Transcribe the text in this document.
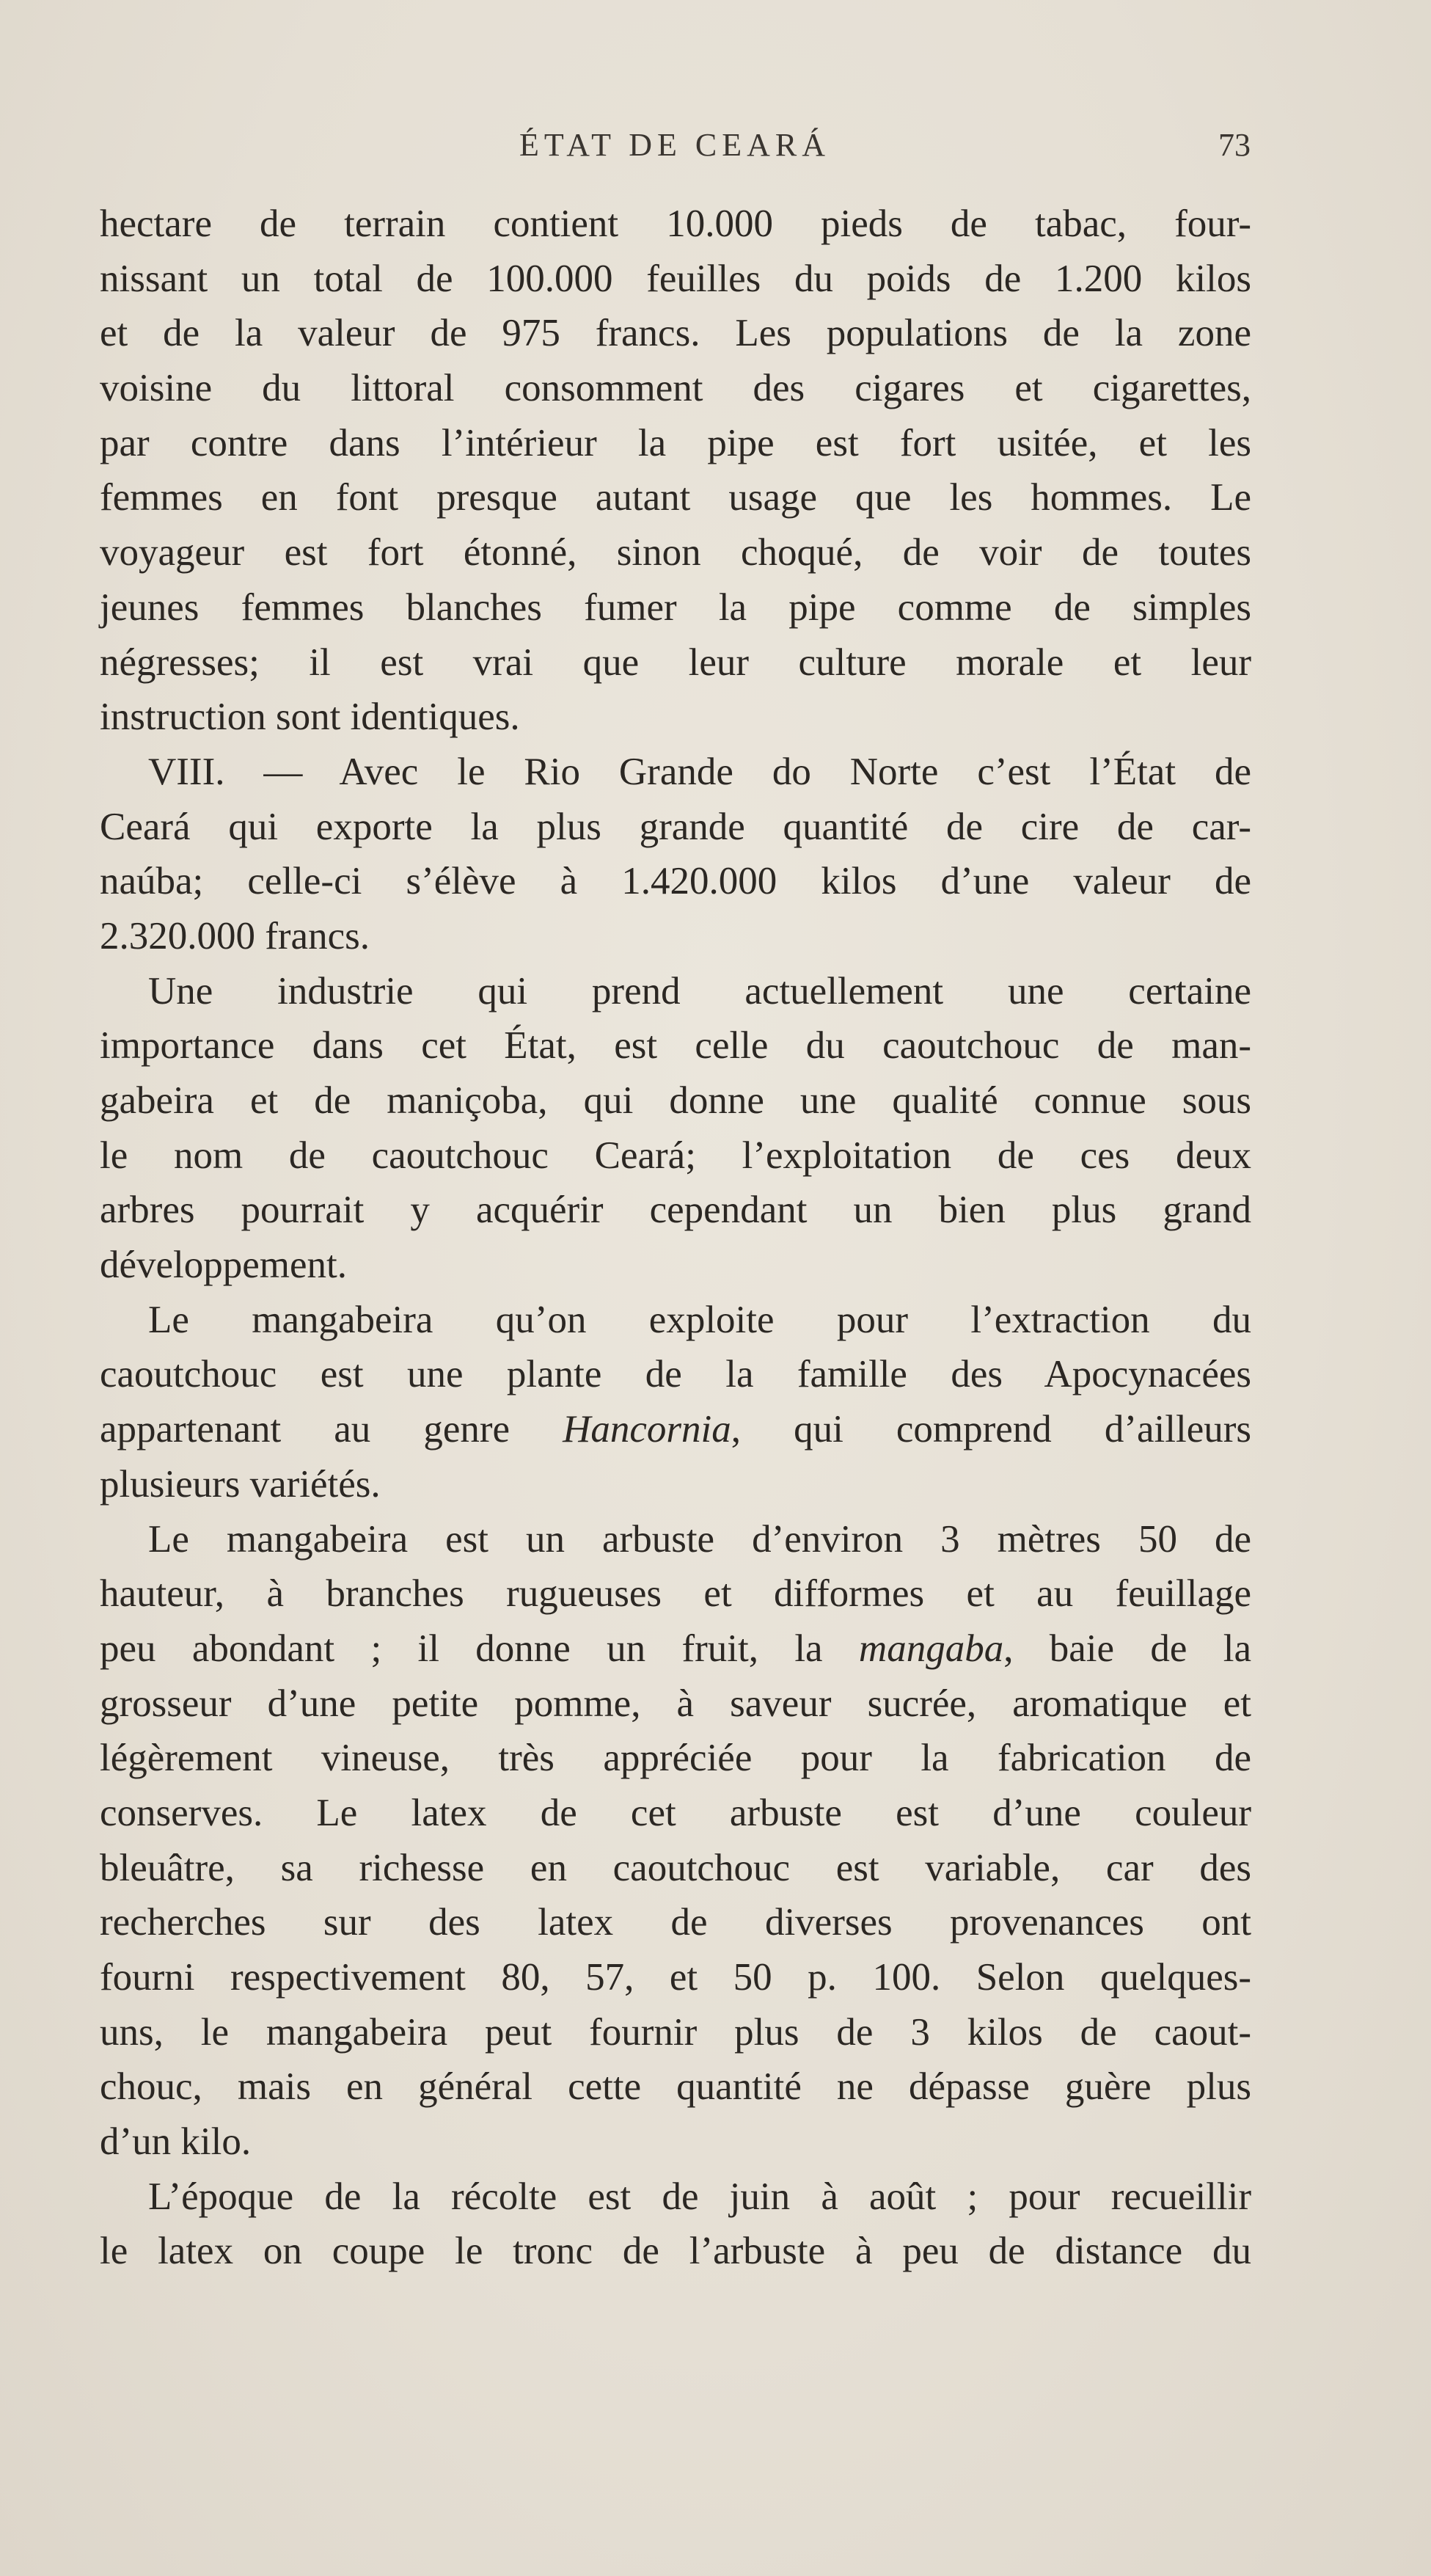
ÉTAT DE CEARÁ	73
hectare de terrain contient 10.000 pieds de tabac, four-
nissant un total de 100.000 feuilles du poids de 1.200 kilos
et de la valeur de 975 francs. Les populations de la zone
voisine du littoral consomment des cigares et cigarettes,
par contre dans l’intérieur la pipe est fort usitée, et les
femmes en font presque autant usage que les hommes. Le
voyageur est fort étonné, sinon choqué, de voir de toutes
jeunes femmes blanches fumer la pipe comme de simples
négresses; il est vrai que leur culture morale et leur
instruction sont identiques.
VIII. — Avec le Rio Grande do Norte c’est l’État de
Ceará qui exporte la plus grande quantité de cire de car-
naúba; celle-ci s’élève à 1.420.000 kilos d’une valeur de
2.320.000 francs.
Une industrie qui prend actuellement une certaine
importance dans cet État, est celle du caoutchouc de man-
gabeira et de maniçoba, qui donne une qualité connue sous
le nom de caoutchouc Ceará; l’exploitation de ces deux
arbres pourrait y acquérir cependant un bien plus grand
développement.
Le mangabeira qu’on exploite pour l’extraction du
caoutchouc est une plante de la famille des Apocynacées
appartenant au genre Hancornia, qui comprend d’ailleurs
plusieurs variétés.
Le mangabeira est un arbuste d’environ 3 mètres 50 de
hauteur, à branches rugueuses et difformes et au feuillage
peu abondant ; il donne un fruit, la mangaba, baie de la
grosseur d’une petite pomme, à saveur sucrée, aromatique et
légèrement vineuse, très appréciée pour la fabrication de
conserves. Le latex de cet arbuste est d’une couleur
bleuâtre, sa richesse en caoutchouc est variable, car des
recherches sur des latex de diverses provenances ont
fourni respectivement 80, 57, et 50 p. 100. Selon quelques-
uns, le mangabeira peut fournir plus de 3 kilos de caout-
chouc, mais en général cette quantité ne dépasse guère plus
d’un kilo.
L’époque de la récolte est de juin à août ; pour recueillir
le latex on coupe le tronc de l’arbuste à peu de distance du
